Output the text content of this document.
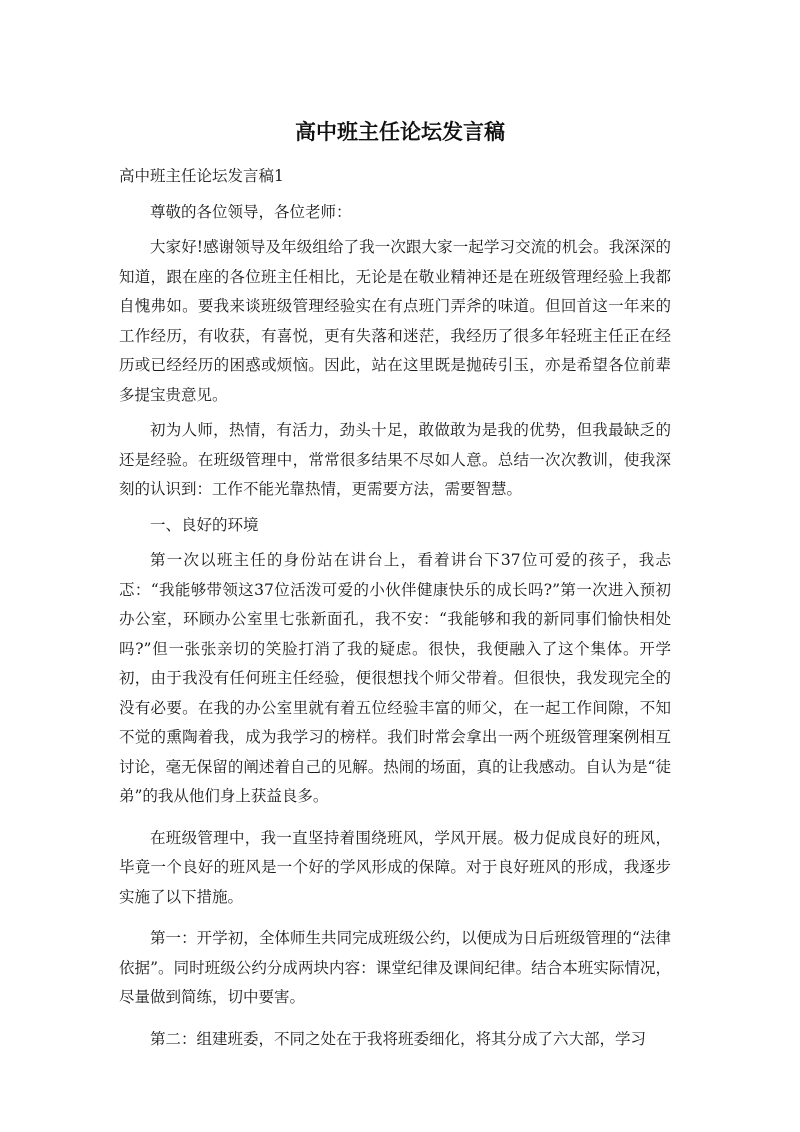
高中班主任论坛发言稿

高中班主任论坛发言稿1

尊敬的各位领导，各位老师：

大家好!感谢领导及年级组给了我一次跟大家一起学习交流的机会。我深深的知道，跟在座的各位班主任相比，无论是在敬业精神还是在班级管理经验上我都自愧弗如。要我来谈班级管理经验实在有点班门弄斧的味道。但回首这一年来的工作经历，有收获，有喜悦，更有失落和迷茫，我经历了很多年轻班主任正在经历或已经经历的困惑或烦恼。因此，站在这里既是抛砖引玉，亦是希望各位前辈多提宝贵意见。

初为人师，热情，有活力，劲头十足，敢做敢为是我的优势，但我最缺乏的还是经验。在班级管理中，常常很多结果不尽如人意。总结一次次教训，使我深刻的认识到：工作不能光靠热情，更需要方法，需要智慧。

一、良好的环境

第一次以班主任的身份站在讲台上，看着讲台下37位可爱的孩子，我忐忑：“我能够带领这37位活泼可爱的小伙伴健康快乐的成长吗?”第一次进入预初办公室，环顾办公室里七张新面孔，我不安：“我能够和我的新同事们愉快相处吗?”但一张张亲切的笑脸打消了我的疑虑。很快，我便融入了这个集体。开学初，由于我没有任何班主任经验，便很想找个师父带着。但很快，我发现完全的没有必要。在我的办公室里就有着五位经验丰富的师父，在一起工作间隙，不知不觉的熏陶着我，成为我学习的榜样。我们时常会拿出一两个班级管理案例相互讨论，毫无保留的阐述着自己的见解。热闹的场面，真的让我感动。自认为是“徒弟”的我从他们身上获益良多。

在班级管理中，我一直坚持着围绕班风，学风开展。极力促成良好的班风，毕竟一个良好的班风是一个好的学风形成的保障。对于良好班风的形成，我逐步实施了以下措施。

第一：开学初，全体师生共同完成班级公约，以便成为日后班级管理的“法律依据”。同时班级公约分成两块内容：课堂纪律及课间纪律。结合本班实际情况，尽量做到简练，切中要害。

第二：组建班委，不同之处在于我将班委细化，将其分成了六大部，学习
